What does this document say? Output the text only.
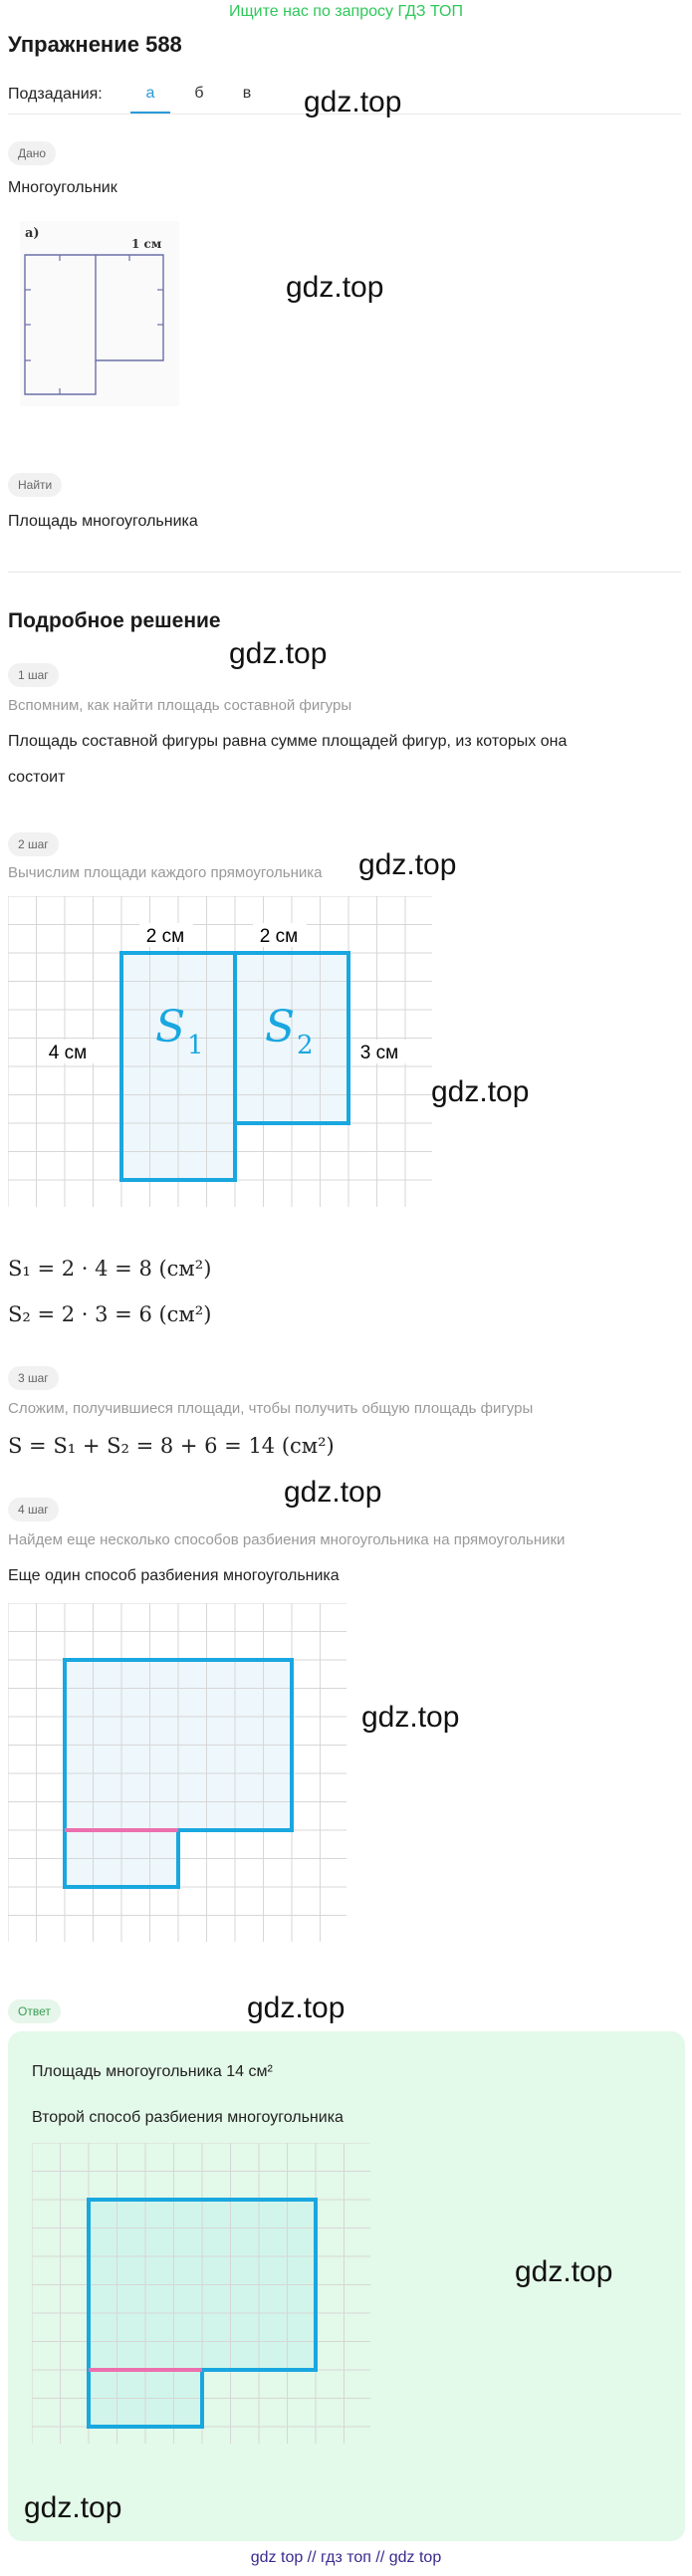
Ищите нас по запросу ГДЗ ТОП
Упражнение 588
Подзадания:	а	б	в	gdz.top
Дано
Многоугольник
а)
1 см
gdz.top
Найти
Площадь многоугольника
Подробное решение
gdz.top
1 шаг
Вспомним, как найти площадь составной фигуры
Площадь составной фигуры равна сумме площадей фигур, из которых она
состоит
2 шаг
Вычислим площади каждого прямоугольника gdz.top
2 см	2 см
4 см	3 см
S 1 S 2
gdz.top
S₁ = 2 · 4 = 8 (см²)
S₂ = 2 · 3 = 6 (см²)
3 шаг
Сложим, получившиеся площади, чтобы получить общую площадь фигуры
S = S₁ + S₂ = 8 + 6 = 14 (см²)
4 шаг
gdz.top
Найдем еще несколько способов разбиения многоугольника на прямоугольники
Еще один способ разбиения многоугольника
gdz.top
Ответ	gdz.top
Площадь многоугольника 14 см²
Второй способ разбиения многоугольника
gdz.top
gdz.top
gdz top // гдз топ // gdz top
